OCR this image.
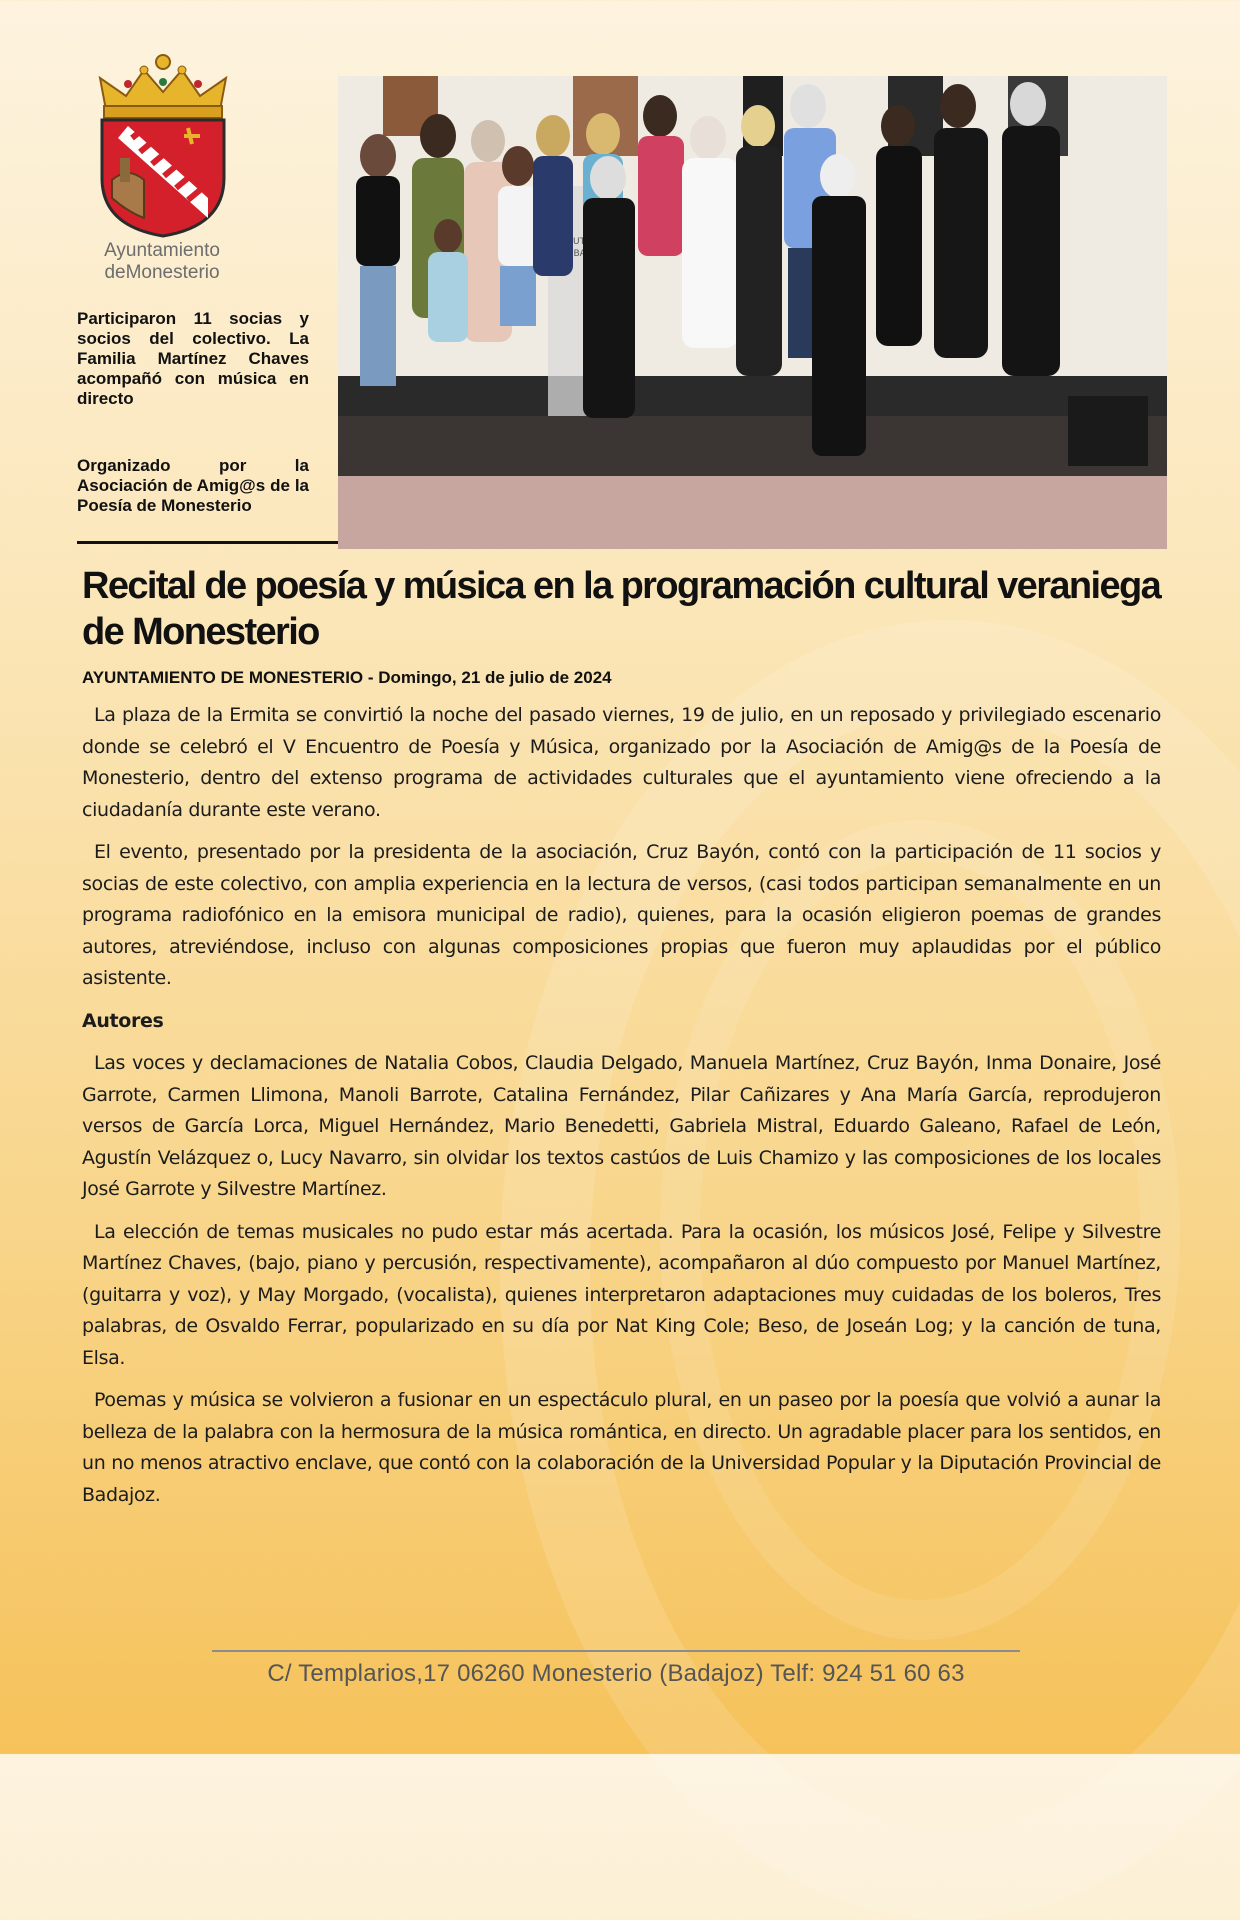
Ayuntamiento
deMonesterio
Participaron 11 socias y socios del colectivo. La Familia Martínez Chaves acompañó con música en directo
Organizado por la Asociación de Amig@s de la Poesía de Monesterio
Recital de poesía y música en la programación cultural veraniega de Monesterio
AYUNTAMIENTO DE MONESTERIO - Domingo, 21 de julio de 2024

La plaza de la Ermita se convirtió la noche del pasado viernes, 19 de julio, en un reposado y privilegiado escenario donde se celebró el V Encuentro de Poesía y Música, organizado por la Asociación de Amig@s de la Poesía de Monesterio, dentro del extenso programa de actividades culturales que el ayuntamiento viene ofreciendo a la ciudadanía durante este verano.

El evento, presentado por la presidenta de la asociación, Cruz Bayón, contó con la participación de 11 socios y socias de este colectivo, con amplia experiencia en la lectura de versos, (casi todos participan semanalmente en un programa radiofónico en la emisora municipal de radio), quienes, para la ocasión eligieron poemas de grandes autores, atreviéndose, incluso con algunas composiciones propias que fueron muy aplaudidas por el público asistente.

Autores

Las voces y declamaciones de Natalia Cobos, Claudia Delgado, Manuela Martínez, Cruz Bayón, Inma Donaire, José Garrote, Carmen Llimona, Manoli Barrote, Catalina Fernández, Pilar Cañizares y Ana María García, reprodujeron versos de García Lorca, Miguel Hernández, Mario Benedetti, Gabriela Mistral, Eduardo Galeano, Rafael de León, Agustín Velázquez o, Lucy Navarro, sin olvidar los textos castúos de Luis Chamizo y las composiciones de los locales José Garrote y Silvestre Martínez.

La elección de temas musicales no pudo estar más acertada. Para la ocasión, los músicos José, Felipe y Silvestre Martínez Chaves, (bajo, piano y percusión, respectivamente), acompañaron al dúo compuesto por Manuel Martínez, (guitarra y voz), y May Morgado, (vocalista), quienes interpretaron adaptaciones muy cuidadas de los boleros, Tres palabras, de Osvaldo Ferrar, popularizado en su día por Nat King Cole; Beso, de Joseán Log; y la canción de tuna, Elsa.

Poemas y música se volvieron a fusionar en un espectáculo plural, en un paseo por la poesía que volvió a aunar la belleza de la palabra con la hermosura de la música romántica, en directo. Un agradable placer para los sentidos, en un no menos atractivo enclave, que contó con la colaboración de la Universidad Popular y la Diputación Provincial de Badajoz.

C/ Templarios,17 06260 Monesterio (Badajoz) Telf: 924 51 60 63
